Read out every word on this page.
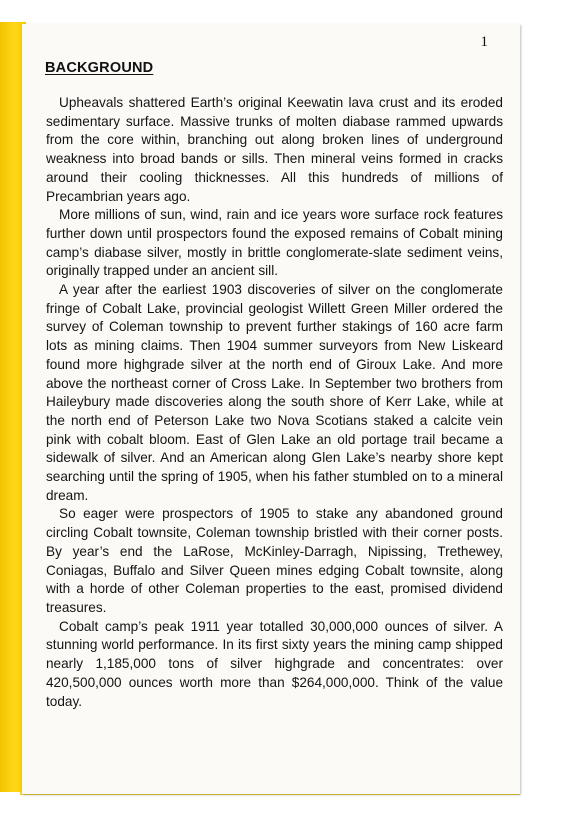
1
BACKGROUND

Upheavals shattered Earth’s original Keewatin lava crust and its eroded sedimentary surface. Massive trunks of molten diabase rammed upwards from the core within, branching out along broken lines of underground weakness into broad bands or sills. Then mineral veins formed in cracks around their cooling thicknesses. All this hundreds of millions of Precambrian years ago.

More millions of sun, wind, rain and ice years wore surface rock features further down until prospectors found the exposed remains of Cobalt mining camp’s diabase silver, mostly in brittle conglomerate-slate sediment veins, originally trapped under an ancient sill.

A year after the earliest 1903 discoveries of silver on the conglomerate fringe of Cobalt Lake, provincial geologist Willett Green Miller ordered the survey of Coleman township to prevent further stakings of 160 acre farm lots as mining claims. Then 1904 summer surveyors from New Liskeard found more highgrade silver at the north end of Giroux Lake. And more above the northeast corner of Cross Lake. In September two brothers from Haileybury made discoveries along the south shore of Kerr Lake, while at the north end of Peterson Lake two Nova Scotians staked a calcite vein pink with cobalt bloom. East of Glen Lake an old portage trail became a sidewalk of silver. And an American along Glen Lake’s nearby shore kept searching until the spring of 1905, when his father stumbled on to a mineral dream.

So eager were prospectors of 1905 to stake any abandoned ground circling Cobalt townsite, Coleman township bristled with their corner posts. By year’s end the LaRose, McKinley-Darragh, Nipissing, Trethewey, Coniagas, Buffalo and Silver Queen mines edging Cobalt townsite, along with a horde of other Coleman properties to the east, promised dividend treasures.

Cobalt camp’s peak 1911 year totalled 30,000,000 ounces of silver. A stunning world performance. In its first sixty years the mining camp shipped nearly 1,185,000 tons of silver highgrade and concentrates: over 420,500,000 ounces worth more than $264,000,000. Think of the value today.
